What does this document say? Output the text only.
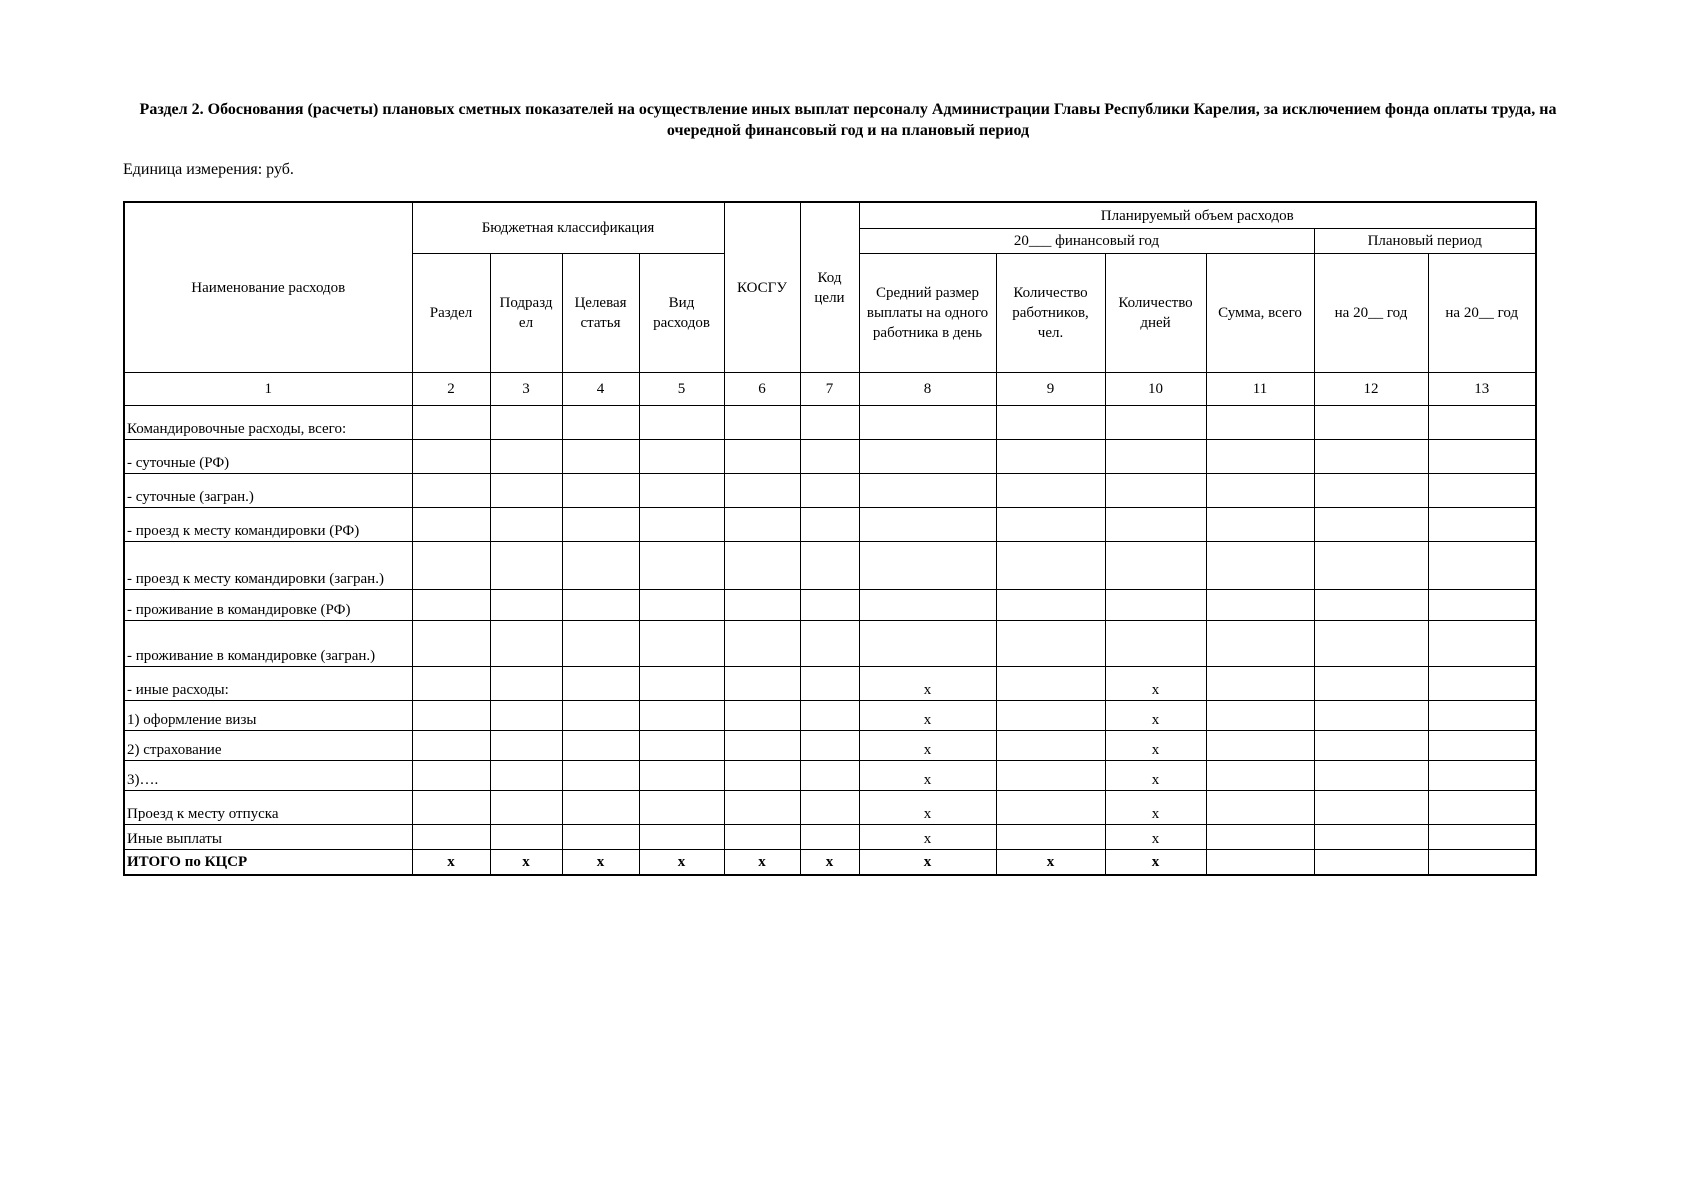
Раздел 2. Обоснования (расчеты) плановых сметных показателей на осуществление иных выплат персоналу Администрации Главы Республики Карелия, за исключением фонда оплаты труда, на очередной финансовый год и на плановый период
Единица измерения: руб.
Наименование расходов	Бюджетная классификация				КОСГУ	Код цели	Планируемый объем расходов					
							20___ финансовый год				Плановый период	
	Раздел	Подразд ел	Целевая статья	Вид расходов			Средний размер выплаты на одного работника в день	Количество работников, чел.	Количество дней	Сумма, всего	на 20__ год	на 20__ год
1	2	3	4	5	6	7	8	9	10	11	12	13
Командировочные расходы, всего:												
- суточные (РФ)												
- суточные (загран.)												
- проезд к месту командировки (РФ)												
- проезд к месту командировки (загран.)												
- проживание в командировке (РФ)												
- проживание в командировке (загран.)												
- иные расходы:							x		x			
1) оформление визы							x		x			
2) страхование							x		x			
3)….							x		x			
Проезд к месту отпуска							x		x			
Иные выплаты							x		x			
ИТОГО по КЦСР	x	x	x	x	x	x	x	x	x			
